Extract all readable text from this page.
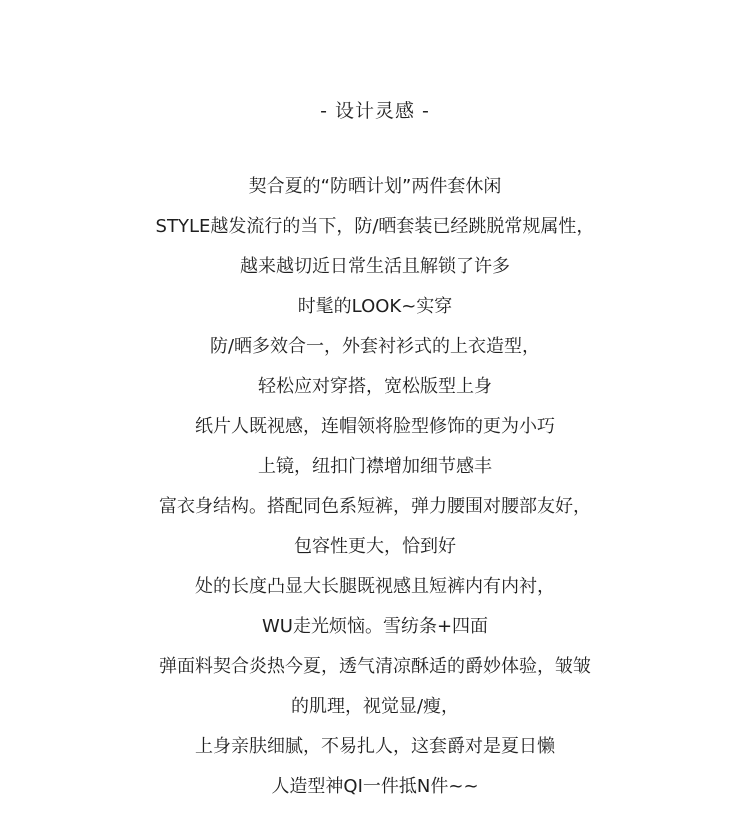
- 设计灵感 -
契合夏的“防晒计划”两件套休闲
STYLE越发流行的当下，防/晒套装已经跳脱常规属性，
越来越切近日常生活且解锁了许多
时髦的LOOK~实穿
防/晒多效合一，外套衬衫式的上衣造型，
轻松应对穿搭，宽松版型上身
纸片人既视感，连帽领将脸型修饰的更为小巧
上镜，纽扣门襟增加细节感丰
富衣身结构。搭配同色系短裤，弹力腰围对腰部友好，
包容性更大，恰到好
处的长度凸显大长腿既视感且短裤内有内衬，
WU走光烦恼。雪纺条+四面
弹面料契合炎热今夏，透气清凉酥适的爵妙体验，皱皱
的肌理，视觉显/瘦，
上身亲肤细腻，不易扎人，这套爵对是夏日懒
人造型神QI一件抵N件~~
